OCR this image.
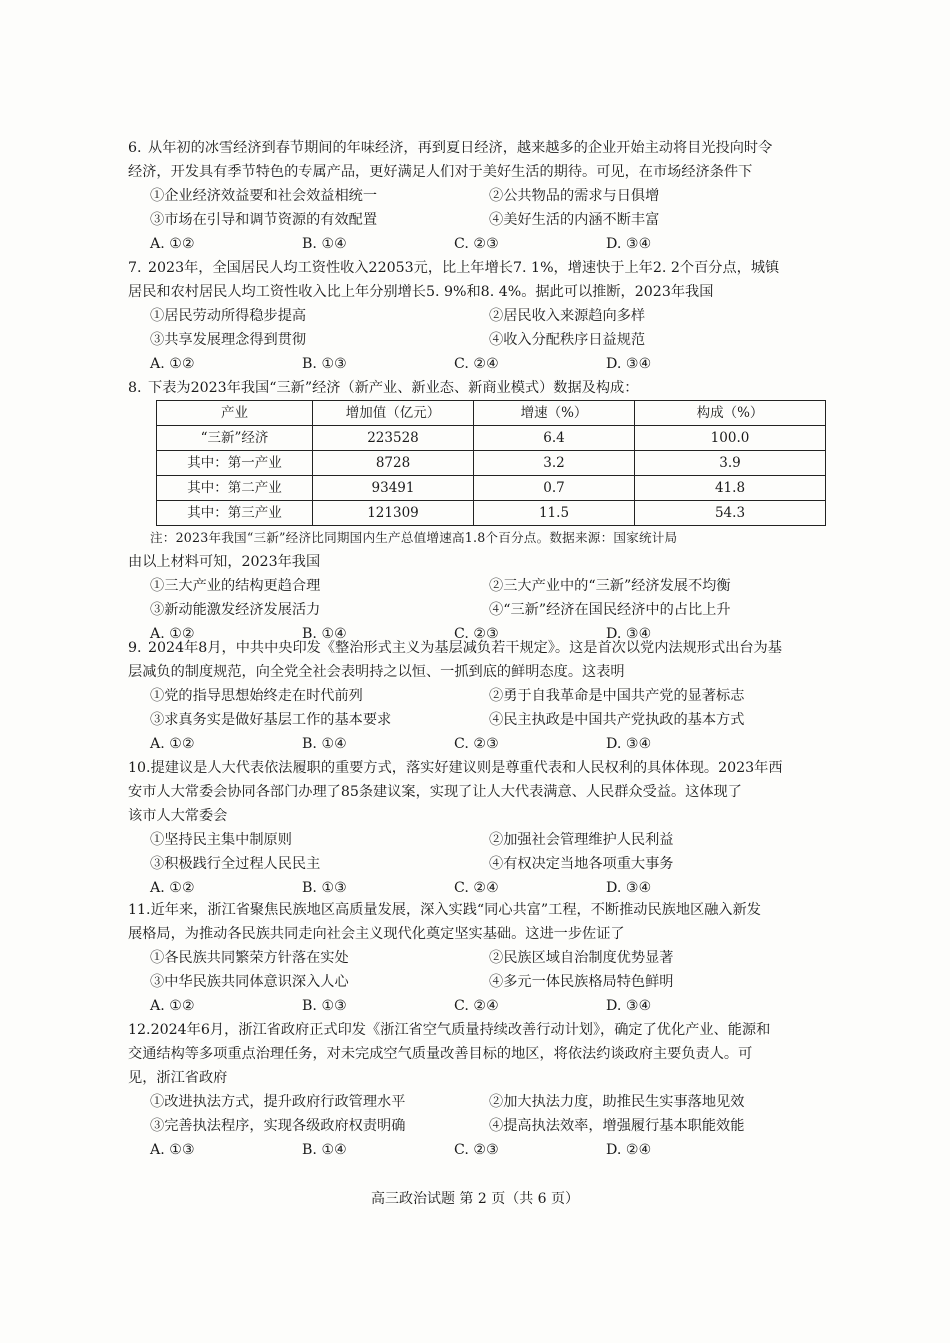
6. 从年初的冰雪经济到春节期间的年味经济，再到夏日经济，越来越多的企业开始主动将目光投向时令

经济，开发具有季节特色的专属产品，更好满足人们对于美好生活的期待。可见，在市场经济条件下

①企业经济效益要和社会效益相统一	②公共物品的需求与日俱增
③市场在引导和调节资源的有效配置	④美好生活的内涵不断丰富
A. ①②	B. ①④	C. ②③	D. ③④

7. 2023年，全国居民人均工资性收入22053元，比上年增长7. 1%，增速快于上年2. 2个百分点，城镇

居民和农村居民人均工资性收入比上年分别增长5. 9%和8. 4%。据此可以推断，2023年我国

①居民劳动所得稳步提高	②居民收入来源趋向多样
③共享发展理念得到贯彻	④收入分配秩序日益规范
A. ①②	B. ①③	C. ②④	D. ③④

8. 下表为2023年我国“三新”经济（新产业、新业态、新商业模式）数据及构成：

产业	增加值（亿元）	增速（%）	构成（%）
“三新”经济	223528	6.4	100.0
其中：第一产业	8728	3.2	3.9
其中：第二产业	93491	0.7	41.8
其中：第三产业	121309	11.5	54.3

注：2023年我国“三新”经济比同期国内生产总值增速高1.8个百分点。数据来源：国家统计局

由以上材料可知，2023年我国

①三大产业的结构更趋合理	②三大产业中的“三新”经济发展不均衡
③新动能激发经济发展活力	④“三新”经济在国民经济中的占比上升
A. ①②	B. ①④	C. ②③	D. ③④

9. 2024年8月，中共中央印发《整治形式主义为基层减负若干规定》。这是首次以党内法规形式出台为基

层减负的制度规范，向全党全社会表明持之以恒、一抓到底的鲜明态度。这表明

①党的指导思想始终走在时代前列	②勇于自我革命是中国共产党的显著标志
③求真务实是做好基层工作的基本要求	④民主执政是中国共产党执政的基本方式
A. ①②	B. ①④	C. ②③	D. ③④

10.提建议是人大代表依法履职的重要方式，落实好建议则是尊重代表和人民权利的具体体现。2023年西

安市人大常委会协同各部门办理了85条建议案，实现了让人大代表满意、人民群众受益。这体现了

该市人大常委会

①坚持民主集中制原则	②加强社会管理维护人民利益
③积极践行全过程人民民主	④有权决定当地各项重大事务
A. ①②	B. ①③	C. ②④	D. ③④

11.近年来，浙江省聚焦民族地区高质量发展，深入实践“同心共富”工程，不断推动民族地区融入新发

展格局，为推动各民族共同走向社会主义现代化奠定坚实基础。这进一步佐证了

①各民族共同繁荣方针落在实处	②民族区域自治制度优势显著
③中华民族共同体意识深入人心	④多元一体民族格局特色鲜明
A. ①②	B. ①③	C. ②④	D. ③④

12.2024年6月，浙江省政府正式印发《浙江省空气质量持续改善行动计划》，确定了优化产业、能源和

交通结构等多项重点治理任务，对未完成空气质量改善目标的地区，将依法约谈政府主要负责人。可

见，浙江省政府

①改进执法方式，提升政府行政管理水平	②加大执法力度，助推民生实事落地见效
③完善执法程序，实现各级政府权责明确	④提高执法效率，增强履行基本职能效能
A. ①③	B. ①④	C. ②③	D. ②④
高三政治试题 第 2 页（共 6 页）
